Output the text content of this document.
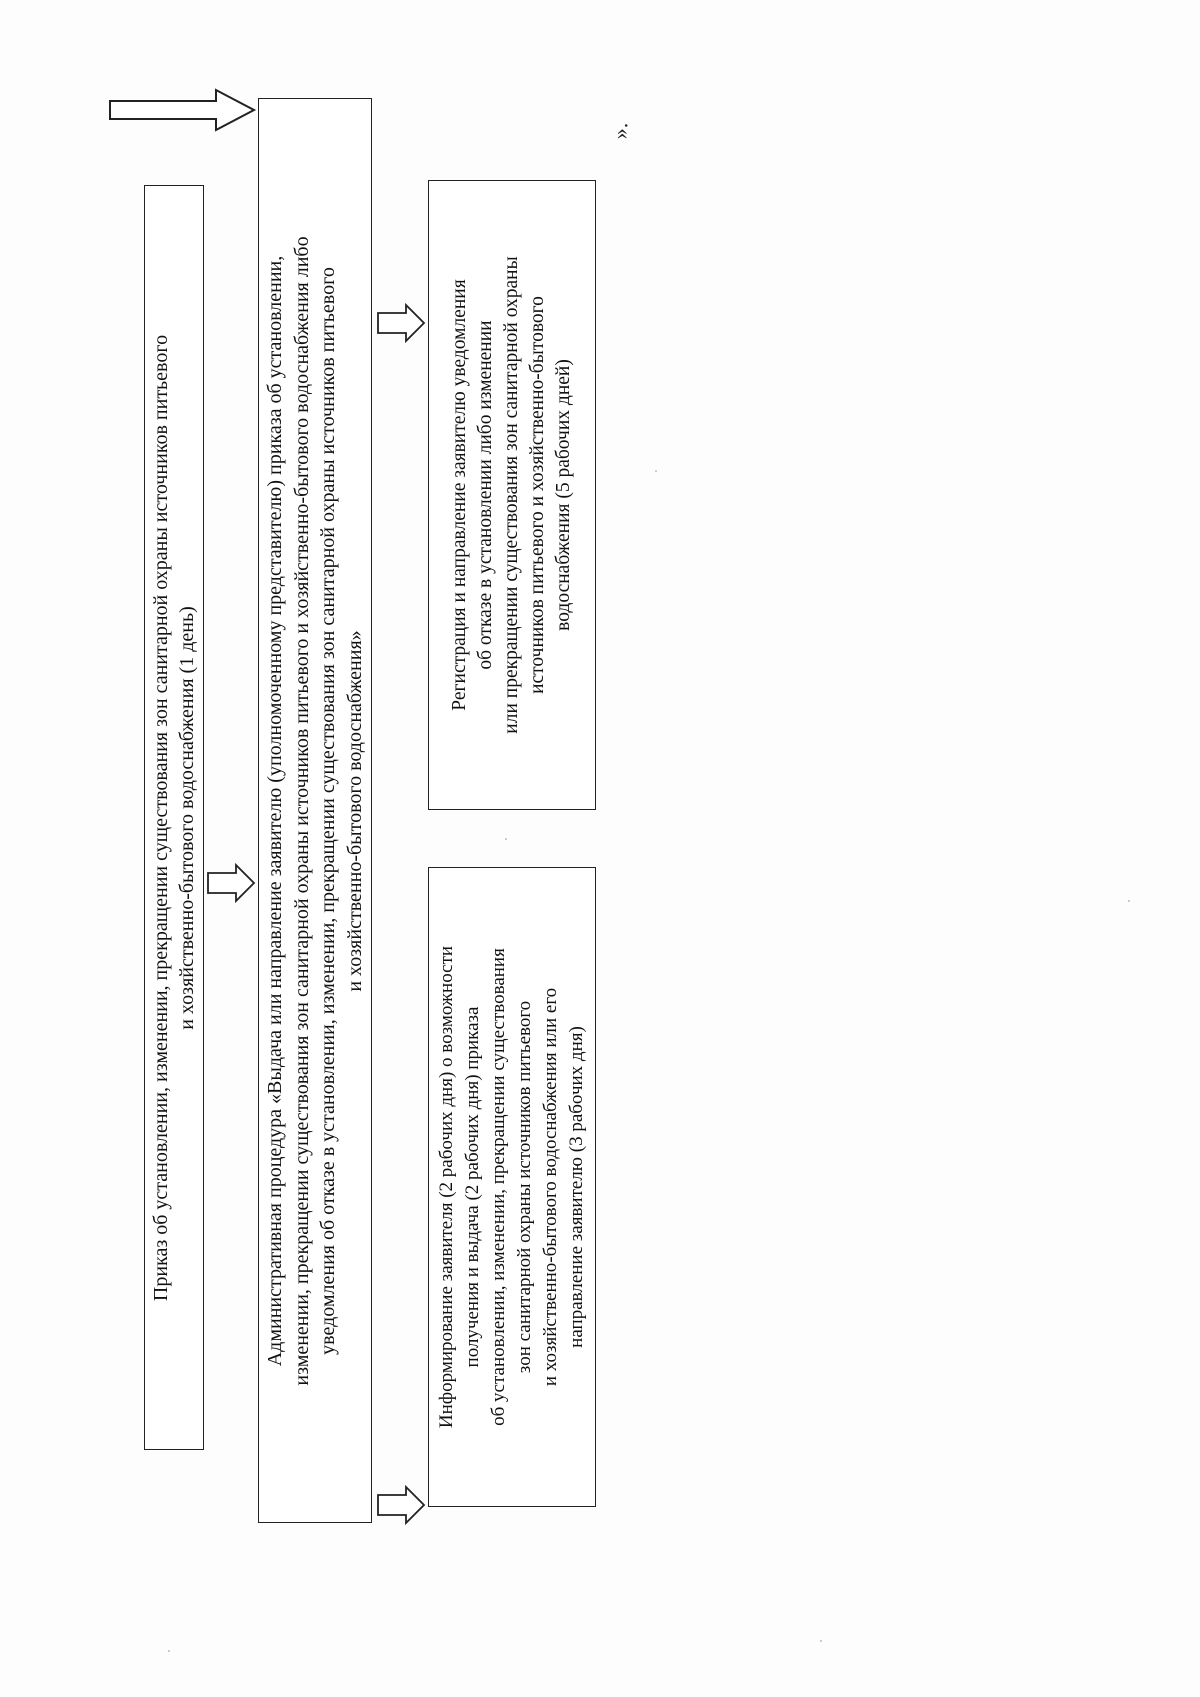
Приказ об установлении, изменении, прекращении существования зон санитарной охраны источников питьевого
и хозяйственно-бытового водоснабжения (1 день)
Административная процедура «Выдача или направление заявителю (уполномоченному представителю) приказа об установлении,
изменении, прекращении существования зон санитарной охраны источников питьевого и хозяйственно-бытового водоснабжения либо
уведомления об отказе в установлении, изменении, прекращении существования зон санитарной охраны источников питьевого
и хозяйственно-бытового водоснабжения»
Информирование заявителя (2 рабочих дня) о возможности
получения и выдача (2 рабочих дня) приказа
об установлении, изменении, прекращении существования
зон санитарной охраны источников питьевого
и хозяйственно-бытового водоснабжения или его
направление заявителю (3 рабочих дня)
Регистрация и направление заявителю уведомления
об отказе в установлении либо изменении
или прекращении существования зон санитарной охраны
источников питьевого и хозяйственно-бытового
водоснабжения (5 рабочих дней)
».
